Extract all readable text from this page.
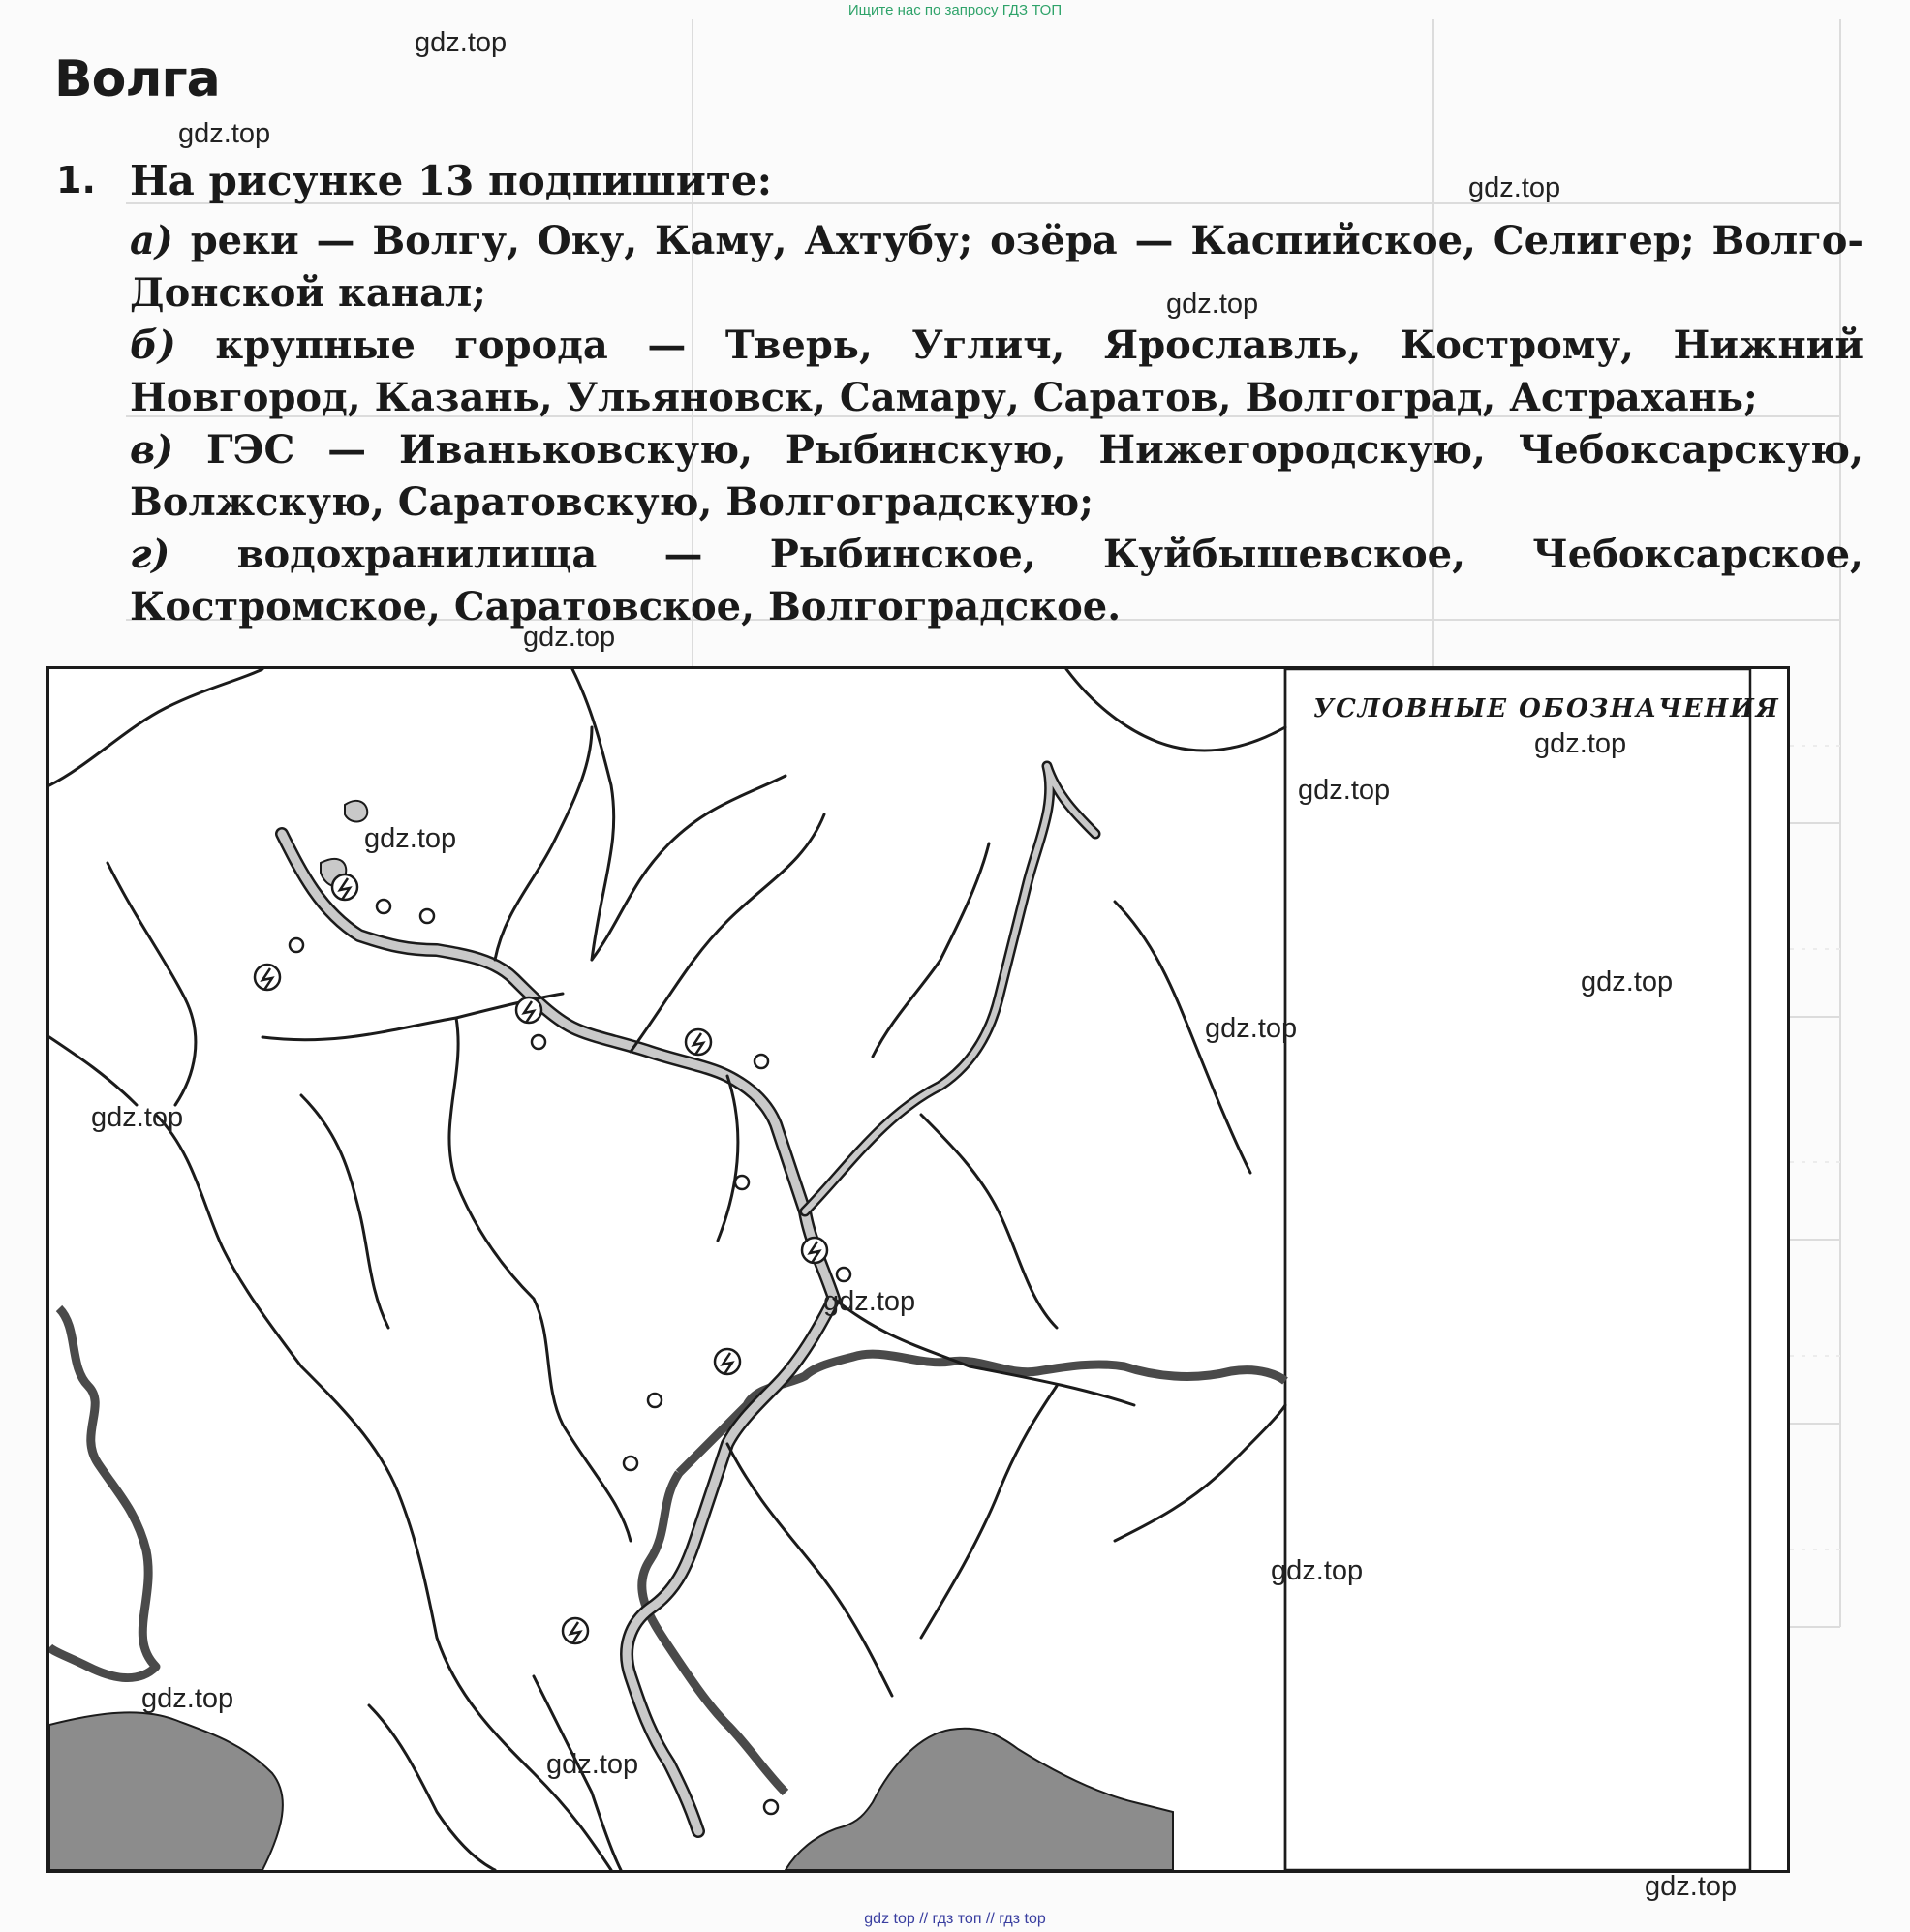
Ищите нас по запросу ГДЗ ТОП
Волга
1. На рисунке 13 подпишите:

а) реки — Волгу, Оку, Каму, Ахтубу; озёра — Каспийское, Селигер; Волго-Донской канал;

б) крупные города — Тверь, Углич, Ярославль, Кострому, Нижний Новгород, Казань, Ульяновск, Самару, Саратов, Волгоград, Астрахань;

в) ГЭС — Иваньковскую, Рыбинскую, Нижегородскую, Чебоксарскую, Волжскую, Саратовскую, Волгоградскую;

г) водохранилища — Рыбинское, Куйбышевское, Чебоксарское, Костромское, Саратовское, Волгоградское.

УСЛОВНЫЕ ОБОЗНАЧЕНИЯ
gdz.top
gdz.top
gdz.top
gdz.top
gdz.top
gdz.top
gdz.top
gdz.top
gdz.top
gdz.top
gdz.top
gdz.top
gdz.top
gdz.top
gdz.top
gdz.top
gdz top // гдз топ // гдз top
